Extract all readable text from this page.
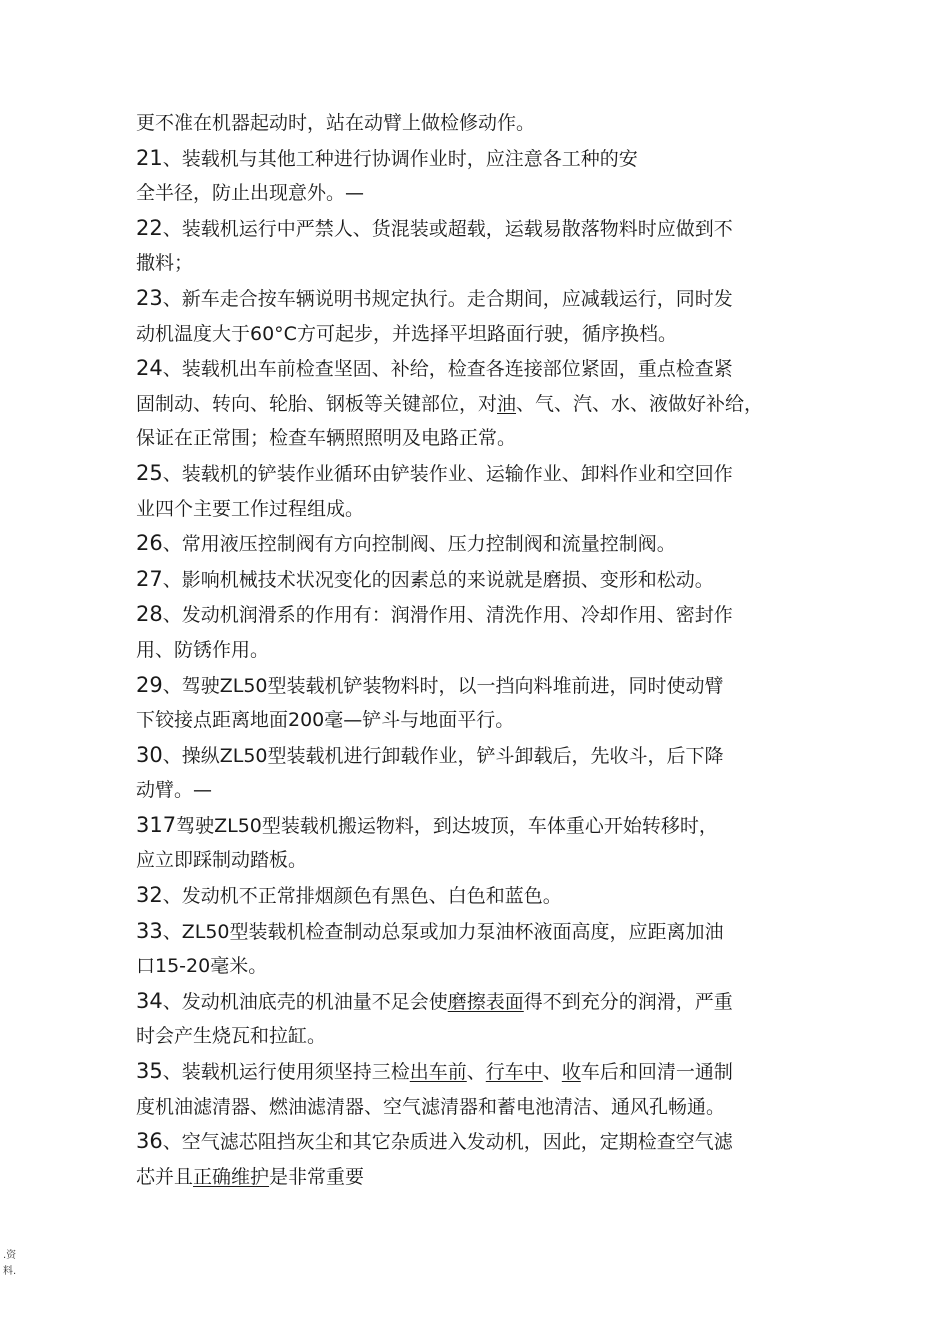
更不准在机器起动时，站在动臂上做检修动作。
21、装载机与其他工种进行协调作业时，应注意各工种的安
全半径，防止出现意外。—
22、装载机运行中严禁人、货混装或超载，运载易散落物料时应做到不
撒料；
23、新车走合按车辆说明书规定执行。走合期间，应减载运行，同时发
动机温度大于60°C方可起步，并选择平坦路面行驶，循序换档。
24、装载机出车前检查坚固、补给，检查各连接部位紧固，重点检查紧
固制动、转向、轮胎、钢板等关键部位，对油、气、汽、水、液做好补给，
保证在正常围；检查车辆照照明及电路正常。
25、装载机的铲装作业循环由铲装作业、运输作业、卸料作业和空回作
业四个主要工作过程组成。
26、常用液压控制阀有方向控制阀、压力控制阀和流量控制阀。
27、影响机械技术状况变化的因素总的来说就是磨损、变形和松动。
28、发动机润滑系的作用有：润滑作用、清洗作用、冷却作用、密封作
用、防锈作用。
29、驾驶ZL50型装载机铲装物料时，以一挡向料堆前进，同时使动臂
下铰接点距离地面200毫—铲斗与地面平行。
30、操纵ZL50型装载机进行卸载作业，铲斗卸载后，先收斗，后下降
动臂。—
317驾驶ZL50型装载机搬运物料，到达坡顶，车体重心开始转移时，
应立即踩制动踏板。
32、发动机不正常排烟颜色有黑色、白色和蓝色。
33、ZL50型装载机检查制动总泵或加力泵油杯液面高度，应距离加油
口15-20毫米。
34、发动机油底壳的机油量不足会使磨擦表面得不到充分的润滑，严重
时会产生烧瓦和拉缸。
35、装载机运行使用须坚持三检出车前、行车中、收车后和回清一通制
度机油滤清器、燃油滤清器、空气滤清器和蓄电池清洁、通风孔畅通。
36、空气滤芯阻挡灰尘和其它杂质进入发动机，因此，定期检查空气滤
芯并且正确维护是非常重要
.资
料.
